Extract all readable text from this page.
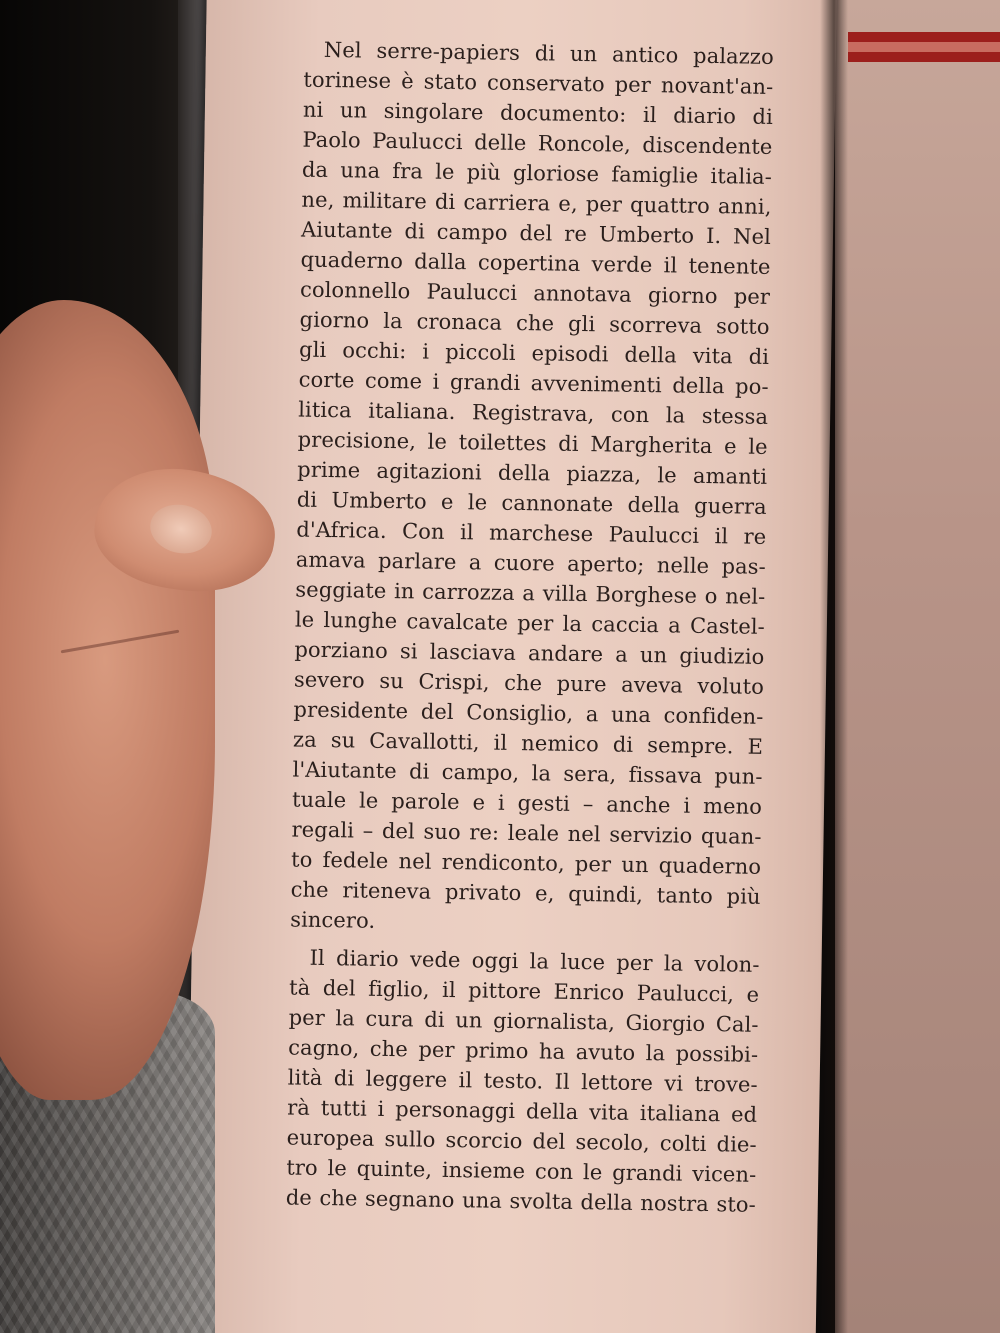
Nel serre-papiers di un antico palazzo
torinese è stato conservato per novant'an-
ni un singolare documento: il diario di
Paolo Paulucci delle Roncole, discendente
da una fra le più gloriose famiglie italia-
ne, militare di carriera e, per quattro anni,
Aiutante di campo del re Umberto I. Nel
quaderno dalla copertina verde il tenente
colonnello Paulucci annotava giorno per
giorno la cronaca che gli scorreva sotto
gli occhi: i piccoli episodi della vita di
corte come i grandi avvenimenti della po-
litica italiana. Registrava, con la stessa
precisione, le toilettes di Margherita e le
prime agitazioni della piazza, le amanti
di Umberto e le cannonate della guerra
d'Africa. Con il marchese Paulucci il re
amava parlare a cuore aperto; nelle pas-
seggiate in carrozza a villa Borghese o nel-
le lunghe cavalcate per la caccia a Castel-
porziano si lasciava andare a un giudizio
severo su Crispi, che pure aveva voluto
presidente del Consiglio, a una confiden-
za su Cavallotti, il nemico di sempre. E
l'Aiutante di campo, la sera, fissava pun-
tuale le parole e i gesti – anche i meno
regali – del suo re: leale nel servizio quan-
to fedele nel rendiconto, per un quaderno
che riteneva privato e, quindi, tanto più
sincero.
Il diario vede oggi la luce per la volon-
tà del figlio, il pittore Enrico Paulucci, e
per la cura di un giornalista, Giorgio Cal-
cagno, che per primo ha avuto la possibi-
lità di leggere il testo. Il lettore vi trove-
rà tutti i personaggi della vita italiana ed
europea sullo scorcio del secolo, colti die-
tro le quinte, insieme con le grandi vicen-
de che segnano una svolta della nostra sto-
